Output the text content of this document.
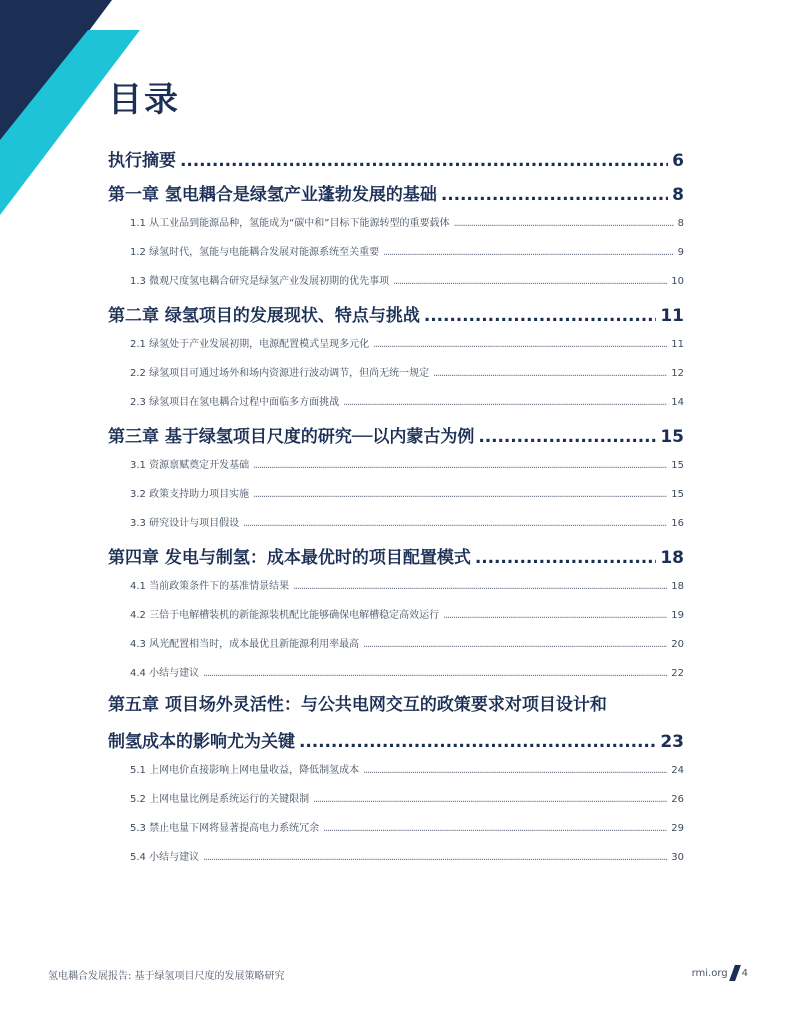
目录
执行摘要 . . .	6
第一章 氢电耦合是绿氢产业蓬勃发展的基础 . . .	8
1.1 从工业品到能源品种，氢能成为“碳中和”目标下能源转型的重要载体 . . .	8
1.2 绿氢时代，氢能与电能耦合发展对能源系统至关重要 . . .	9
1.3 微观尺度氢电耦合研究是绿氢产业发展初期的优先事项 . . .	10
第二章 绿氢项目的发展现状、特点与挑战 . . .	11
2.1 绿氢处于产业发展初期，电源配置模式呈现多元化 . . .	11
2.2 绿氢项目可通过场外和场内资源进行波动调节，但尚无统一规定 . . .	12
2.3 绿氢项目在氢电耦合过程中面临多方面挑战 . . .	14
第三章 基于绿氢项目尺度的研究──以内蒙古为例 . . .	15
3.1 资源禀赋奠定开发基础 . . .	15
3.2 政策支持助力项目实施 . . .	15
3.3 研究设计与项目假设 . . .	16
第四章 发电与制氢：成本最优时的项目配置模式 . . .	18
4.1 当前政策条件下的基准情景结果 . . .	18
4.2 三倍于电解槽装机的新能源装机配比能够确保电解槽稳定高效运行 . . .	19
4.3 风光配置相当时，成本最优且新能源利用率最高 . . .	20
4.4 小结与建议 . . .	22
第五章 项目场外灵活性：与公共电网交互的政策要求对项目设计和
制氢成本的影响尤为关键 . . .	23
5.1 上网电价直接影响上网电量收益，降低制氢成本 . . .	24
5.2 上网电量比例是系统运行的关键限制 . . .	26
5.3 禁止电量下网将显著提高电力系统冗余 . . .	29
5.4 小结与建议 . . .	30
氢电耦合发展报告: 基于绿氢项目尺度的发展策略研究	rmi.org 4
